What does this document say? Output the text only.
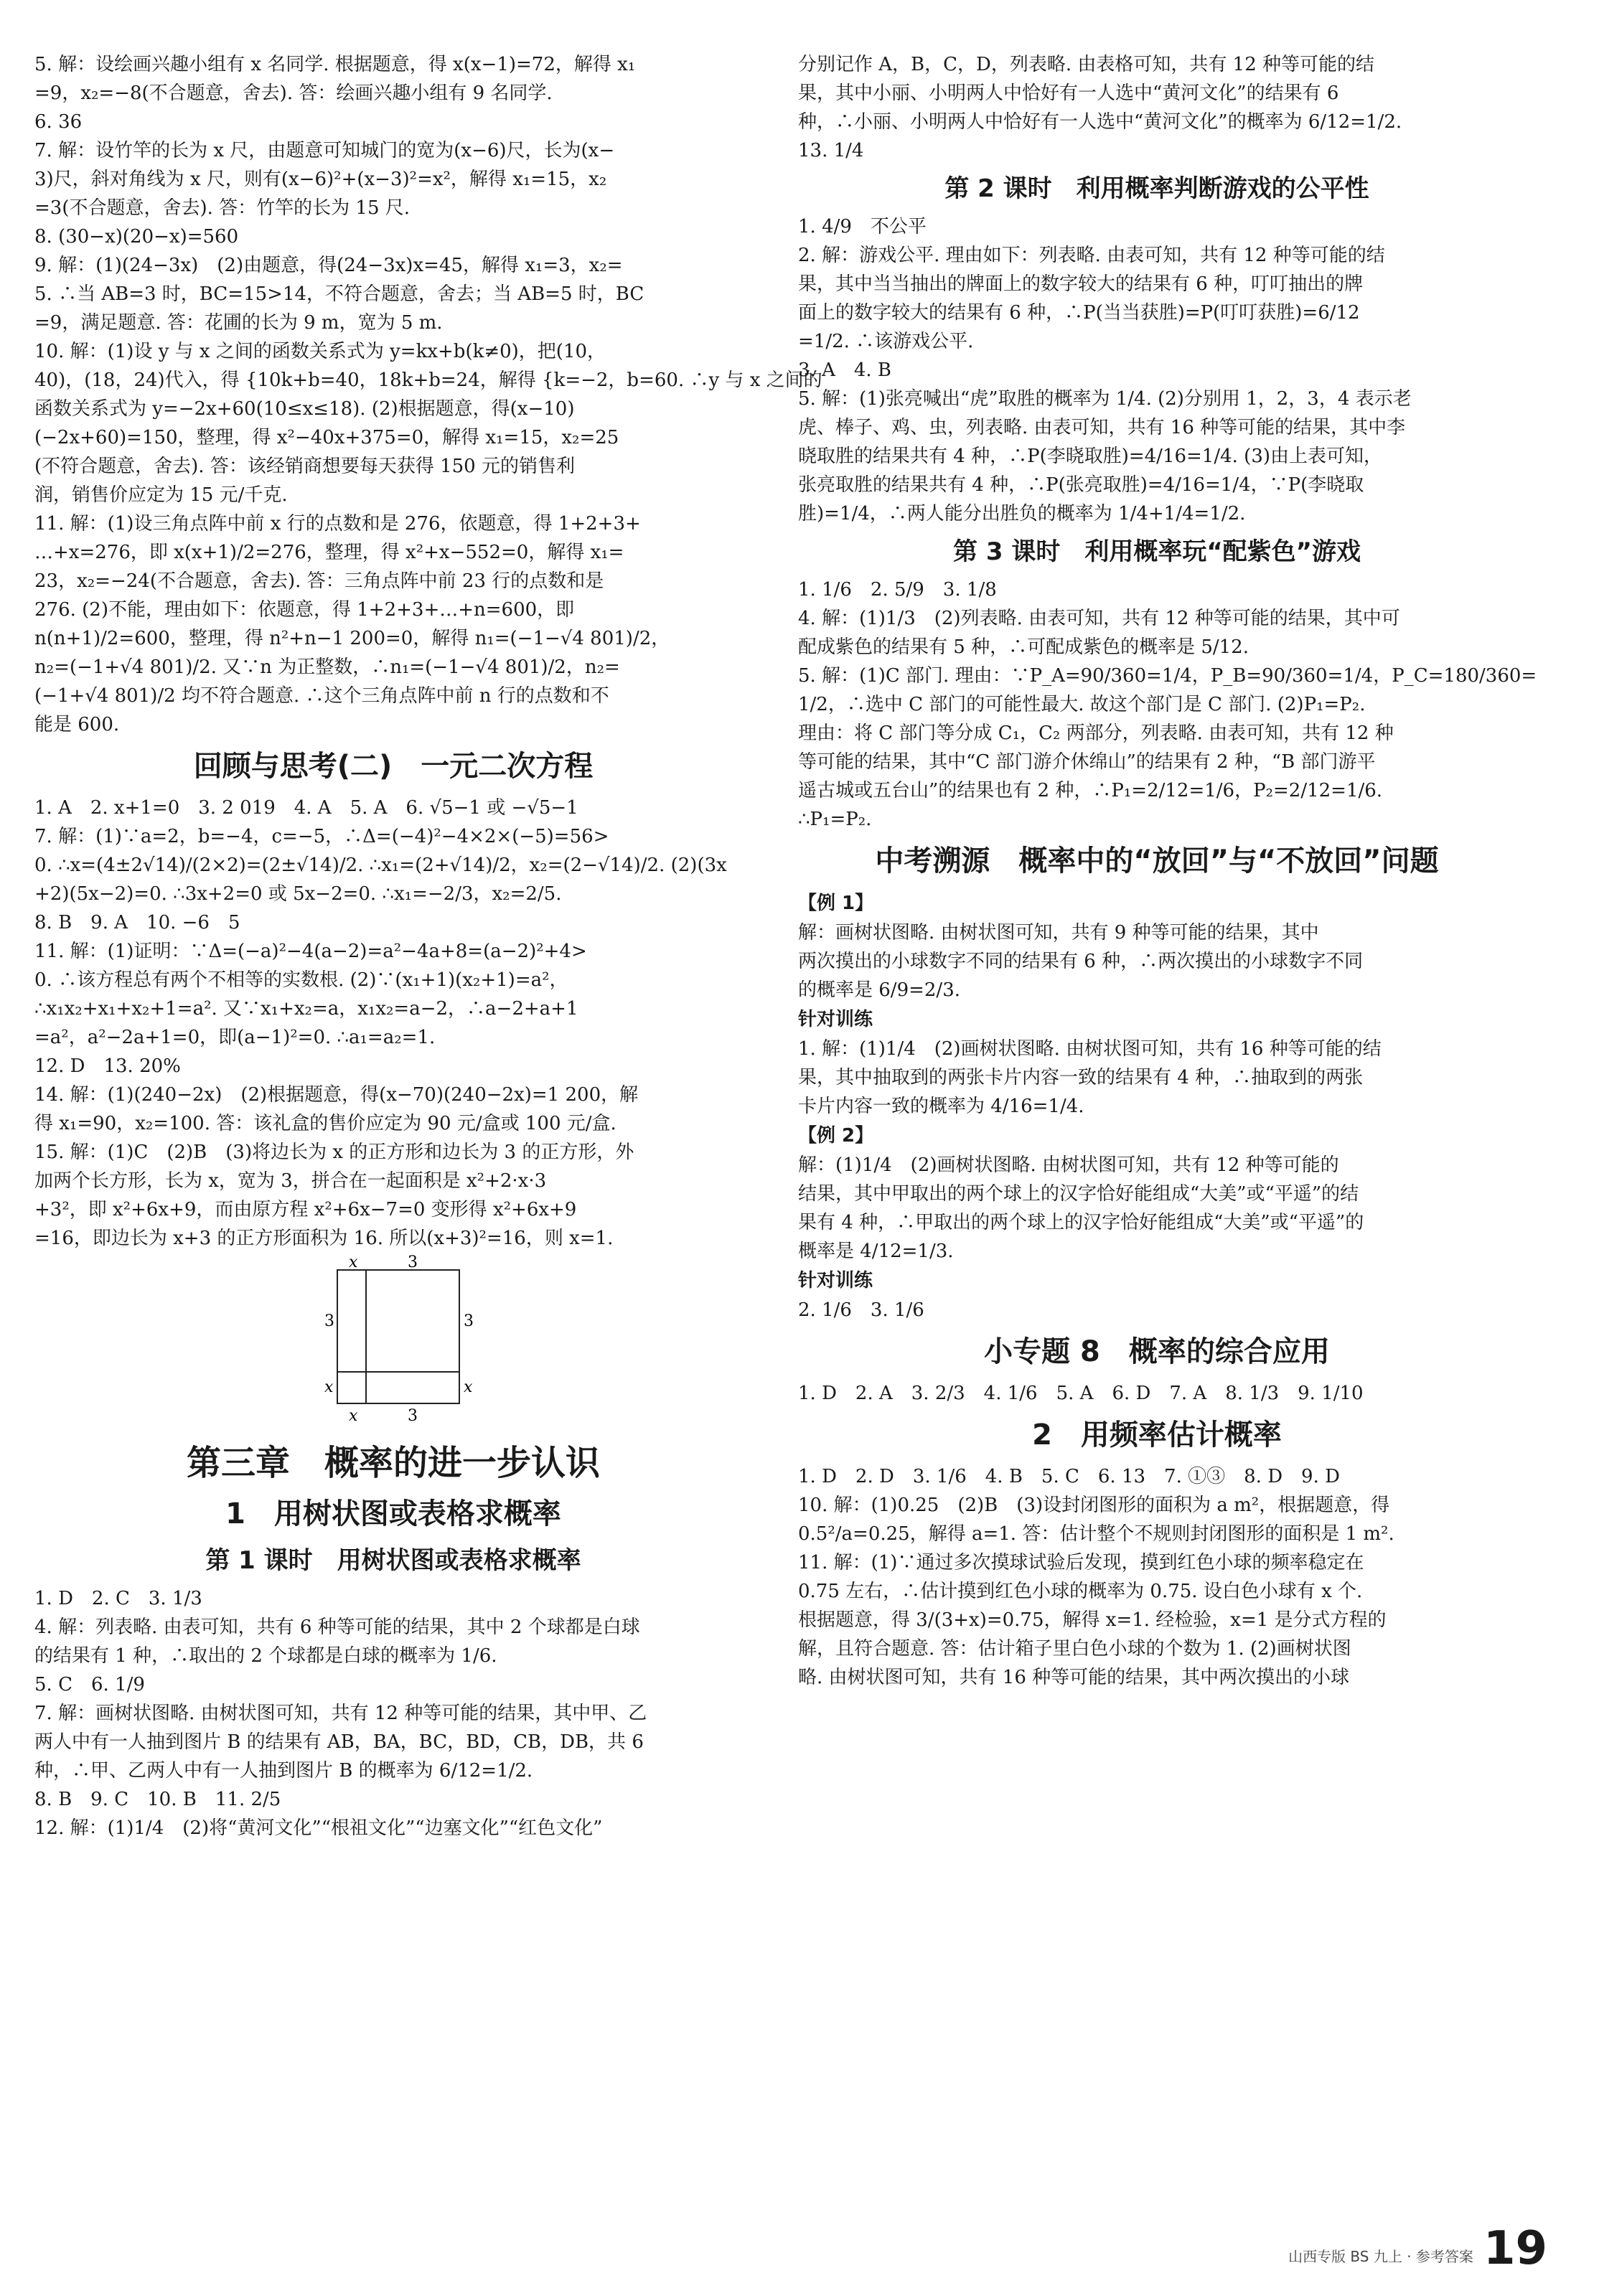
5. 解：设绘画兴趣小组有 x 名同学. 根据题意，得 x(x−1)=72，解得 x₁
=9，x₂=−8(不合题意，舍去). 答：绘画兴趣小组有 9 名同学.
6. 36
7. 解：设竹竿的长为 x 尺，由题意可知城门的宽为(x−6)尺，长为(x−
3)尺，斜对角线为 x 尺，则有(x−6)²+(x−3)²=x²，解得 x₁=15，x₂
=3(不合题意，舍去). 答：竹竿的长为 15 尺.
8. (30−x)(20−x)=560
9. 解：(1)(24−3x)　(2)由题意，得(24−3x)x=45，解得 x₁=3，x₂=
5. ∴当 AB=3 时，BC=15>14，不符合题意，舍去；当 AB=5 时，BC
=9，满足题意. 答：花圃的长为 9 m，宽为 5 m.
10. 解：(1)设 y 与 x 之间的函数关系式为 y=kx+b(k≠0)，把(10，
40)，(18，24)代入，得 {10k+b=40，18k+b=24，解得 {k=−2，b=60. ∴y 与 x 之间的
函数关系式为 y=−2x+60(10≤x≤18). (2)根据题意，得(x−10)
(−2x+60)=150，整理，得 x²−40x+375=0，解得 x₁=15，x₂=25
(不符合题意，舍去). 答：该经销商想要每天获得 150 元的销售利
润，销售价应定为 15 元/千克.
11. 解：(1)设三角点阵中前 x 行的点数和是 276，依题意，得 1+2+3+
…+x=276，即 x(x+1)/2=276，整理，得 x²+x−552=0，解得 x₁=
23，x₂=−24(不合题意，舍去). 答：三角点阵中前 23 行的点数和是
276. (2)不能，理由如下：依题意，得 1+2+3+…+n=600，即
n(n+1)/2=600，整理，得 n²+n−1 200=0，解得 n₁=(−1−√4 801)/2，
n₂=(−1+√4 801)/2. 又∵n 为正整数，∴n₁=(−1−√4 801)/2，n₂=
(−1+√4 801)/2 均不符合题意. ∴这个三角点阵中前 n 行的点数和不
能是 600.
回顾与思考(二)　一元二次方程
1. A　2. x+1=0　3. 2 019　4. A　5. A　6. √5−1 或 −√5−1
7. 解：(1)∵a=2，b=−4，c=−5，∴Δ=(−4)²−4×2×(−5)=56>
0. ∴x=(4±2√14)/(2×2)=(2±√14)/2. ∴x₁=(2+√14)/2，x₂=(2−√14)/2. (2)(3x
+2)(5x−2)=0. ∴3x+2=0 或 5x−2=0. ∴x₁=−2/3，x₂=2/5.
8. B　9. A　10. −6　5
11. 解：(1)证明：∵Δ=(−a)²−4(a−2)=a²−4a+8=(a−2)²+4>
0. ∴该方程总有两个不相等的实数根. (2)∵(x₁+1)(x₂+1)=a²，
∴x₁x₂+x₁+x₂+1=a². 又∵x₁+x₂=a，x₁x₂=a−2，∴a−2+a+1
=a²，a²−2a+1=0，即(a−1)²=0. ∴a₁=a₂=1.
12. D　13. 20%
14. 解：(1)(240−2x)　(2)根据题意，得(x−70)(240−2x)=1 200，解
得 x₁=90，x₂=100. 答：该礼盒的售价应定为 90 元/盒或 100 元/盒.
15. 解：(1)C　(2)B　(3)将边长为 x 的正方形和边长为 3 的正方形，外
加两个长方形，长为 x，宽为 3，拼合在一起面积是 x²+2·x·3
+3²，即 x²+6x+9，而由原方程 x²+6x−7=0 变形得 x²+6x+9
=16，即边长为 x+3 的正方形面积为 16. 所以(x+3)²=16，则 x=1.
x	3
3	3
x	x
x	3
第三章　概率的进一步认识
1　用树状图或表格求概率
第 1 课时　用树状图或表格求概率
1. D　2. C　3. 1/3
4. 解：列表略. 由表可知，共有 6 种等可能的结果，其中 2 个球都是白球
的结果有 1 种，∴取出的 2 个球都是白球的概率为 1/6.
5. C　6. 1/9
7. 解：画树状图略. 由树状图可知，共有 12 种等可能的结果，其中甲、乙
两人中有一人抽到图片 B 的结果有 AB，BA，BC，BD，CB，DB，共 6
种，∴甲、乙两人中有一人抽到图片 B 的概率为 6/12=1/2.
8. B　9. C　10. B　11. 2/5
12. 解：(1)1/4　(2)将“黄河文化”“根祖文化”“边塞文化”“红色文化”
分别记作 A，B，C，D，列表略. 由表格可知，共有 12 种等可能的结
果，其中小丽、小明两人中恰好有一人选中“黄河文化”的结果有 6
种，∴小丽、小明两人中恰好有一人选中“黄河文化”的概率为 6/12=1/2.
13. 1/4
第 2 课时　利用概率判断游戏的公平性
1. 4/9　不公平
2. 解：游戏公平. 理由如下：列表略. 由表可知，共有 12 种等可能的结
果，其中当当抽出的牌面上的数字较大的结果有 6 种，叮叮抽出的牌
面上的数字较大的结果有 6 种，∴P(当当获胜)=P(叮叮获胜)=6/12
=1/2. ∴该游戏公平.
3. A　4. B
5. 解：(1)张亮喊出“虎”取胜的概率为 1/4. (2)分别用 1，2，3，4 表示老
虎、棒子、鸡、虫，列表略. 由表可知，共有 16 种等可能的结果，其中李
晓取胜的结果共有 4 种，∴P(李晓取胜)=4/16=1/4. (3)由上表可知，
张亮取胜的结果共有 4 种，∴P(张亮取胜)=4/16=1/4，∵P(李晓取
胜)=1/4，∴两人能分出胜负的概率为 1/4+1/4=1/2.
第 3 课时　利用概率玩“配紫色”游戏
1. 1/6　2. 5/9　3. 1/8
4. 解：(1)1/3　(2)列表略. 由表可知，共有 12 种等可能的结果，其中可
配成紫色的结果有 5 种，∴可配成紫色的概率是 5/12.
5. 解：(1)C 部门. 理由：∵P_A=90/360=1/4，P_B=90/360=1/4，P_C=180/360=
1/2，∴选中 C 部门的可能性最大. 故这个部门是 C 部门. (2)P₁=P₂.
理由：将 C 部门等分成 C₁，C₂ 两部分，列表略. 由表可知，共有 12 种
等可能的结果，其中“C 部门游介休绵山”的结果有 2 种，“B 部门游平
遥古城或五台山”的结果也有 2 种，∴P₁=2/12=1/6，P₂=2/12=1/6.
∴P₁=P₂.
中考溯源　概率中的“放回”与“不放回”问题
【例 1】
解：画树状图略. 由树状图可知，共有 9 种等可能的结果，其中
两次摸出的小球数字不同的结果有 6 种，∴两次摸出的小球数字不同
的概率是 6/9=2/3.
针对训练
1. 解：(1)1/4　(2)画树状图略. 由树状图可知，共有 16 种等可能的结
果，其中抽取到的两张卡片内容一致的结果有 4 种，∴抽取到的两张
卡片内容一致的概率为 4/16=1/4.
【例 2】
解：(1)1/4　(2)画树状图略. 由树状图可知，共有 12 种等可能的
结果，其中甲取出的两个球上的汉字恰好能组成“大美”或“平遥”的结
果有 4 种，∴甲取出的两个球上的汉字恰好能组成“大美”或“平遥”的
概率是 4/12=1/3.
针对训练
2. 1/6　3. 1/6
小专题 8　概率的综合应用
1. D　2. A　3. 2/3　4. 1/6　5. A　6. D　7. A　8. 1/3　9. 1/10
2　用频率估计概率
1. D　2. D　3. 1/6　4. B　5. C　6. 13　7. ①③　8. D　9. D
10. 解：(1)0.25　(2)B　(3)设封闭图形的面积为 a m²，根据题意，得
0.5²/a=0.25，解得 a=1. 答：估计整个不规则封闭图形的面积是 1 m².
11. 解：(1)∵通过多次摸球试验后发现，摸到红色小球的频率稳定在
0.75 左右，∴估计摸到红色小球的概率为 0.75. 设白色小球有 x 个.
根据题意，得 3/(3+x)=0.75，解得 x=1. 经检验，x=1 是分式方程的
解，且符合题意. 答：估计箱子里白色小球的个数为 1. (2)画树状图
略. 由树状图可知，共有 16 种等可能的结果，其中两次摸出的小球
山西专版 BS 九上 · 参考答案 19
